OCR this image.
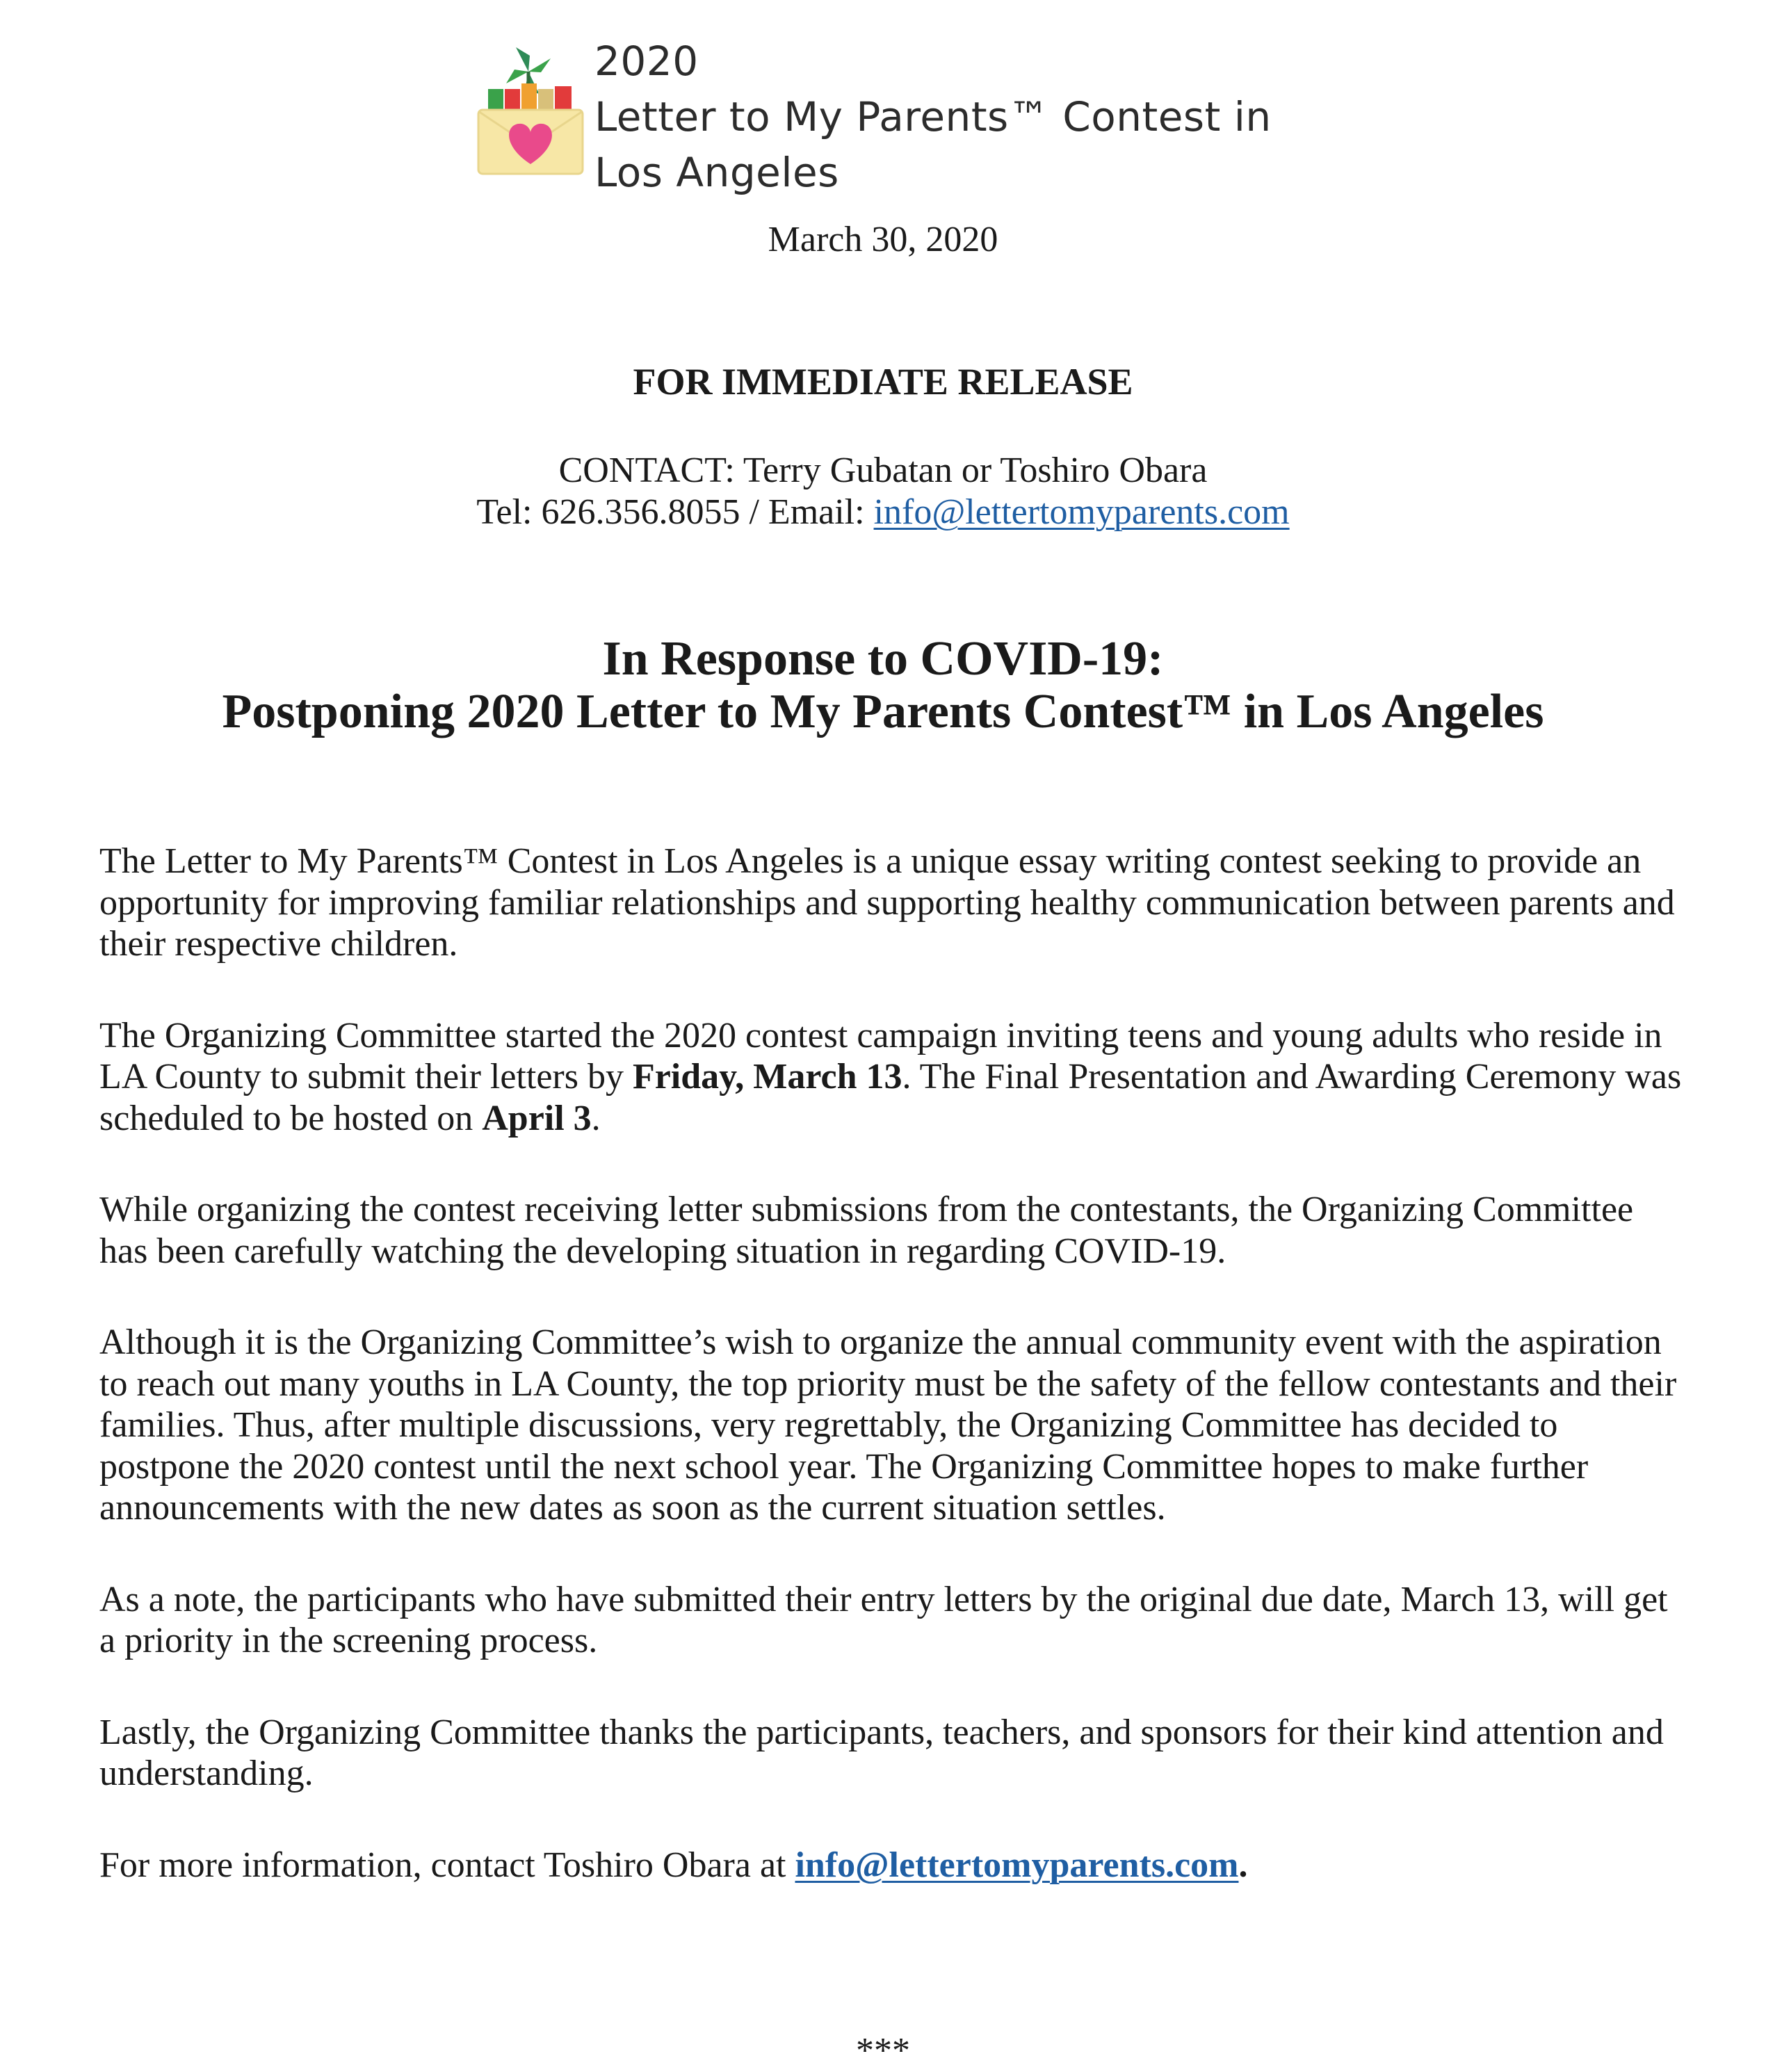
2020
Letter to My Parents™ Contest in
Los Angeles
March 30, 2020
FOR IMMEDIATE RELEASE
CONTACT: Terry Gubatan or Toshiro Obara
Tel: 626.356.8055 / Email: info@lettertomyparents.com
In Response to COVID-19:
Postponing 2020 Letter to My Parents Contest™ in Los Angeles

The Letter to My Parents™ Contest in Los Angeles is a unique essay writing contest seeking to provide an opportunity for improving familiar relationships and supporting healthy communication between parents and their respective children.

The Organizing Committee started the 2020 contest campaign inviting teens and young adults who reside in LA County to submit their letters by Friday, March 13. The Final Presentation and Awarding Ceremony was scheduled to be hosted on April 3.

While organizing the contest receiving letter submissions from the contestants, the Organizing Committee has been carefully watching the developing situation in regarding COVID-19.

Although it is the Organizing Committee’s wish to organize the annual community event with the aspiration to reach out many youths in LA County, the top priority must be the safety of the fellow contestants and their families. Thus, after multiple discussions, very regrettably, the Organizing Committee has decided to postpone the 2020 contest until the next school year. The Organizing Committee hopes to make further announcements with the new dates as soon as the current situation settles.

As a note, the participants who have submitted their entry letters by the original due date, March 13, will get a priority in the screening process.

Lastly, the Organizing Committee thanks the participants, teachers, and sponsors for their kind attention and understanding.

For more information, contact Toshiro Obara at info@lettertomyparents.com.

***
